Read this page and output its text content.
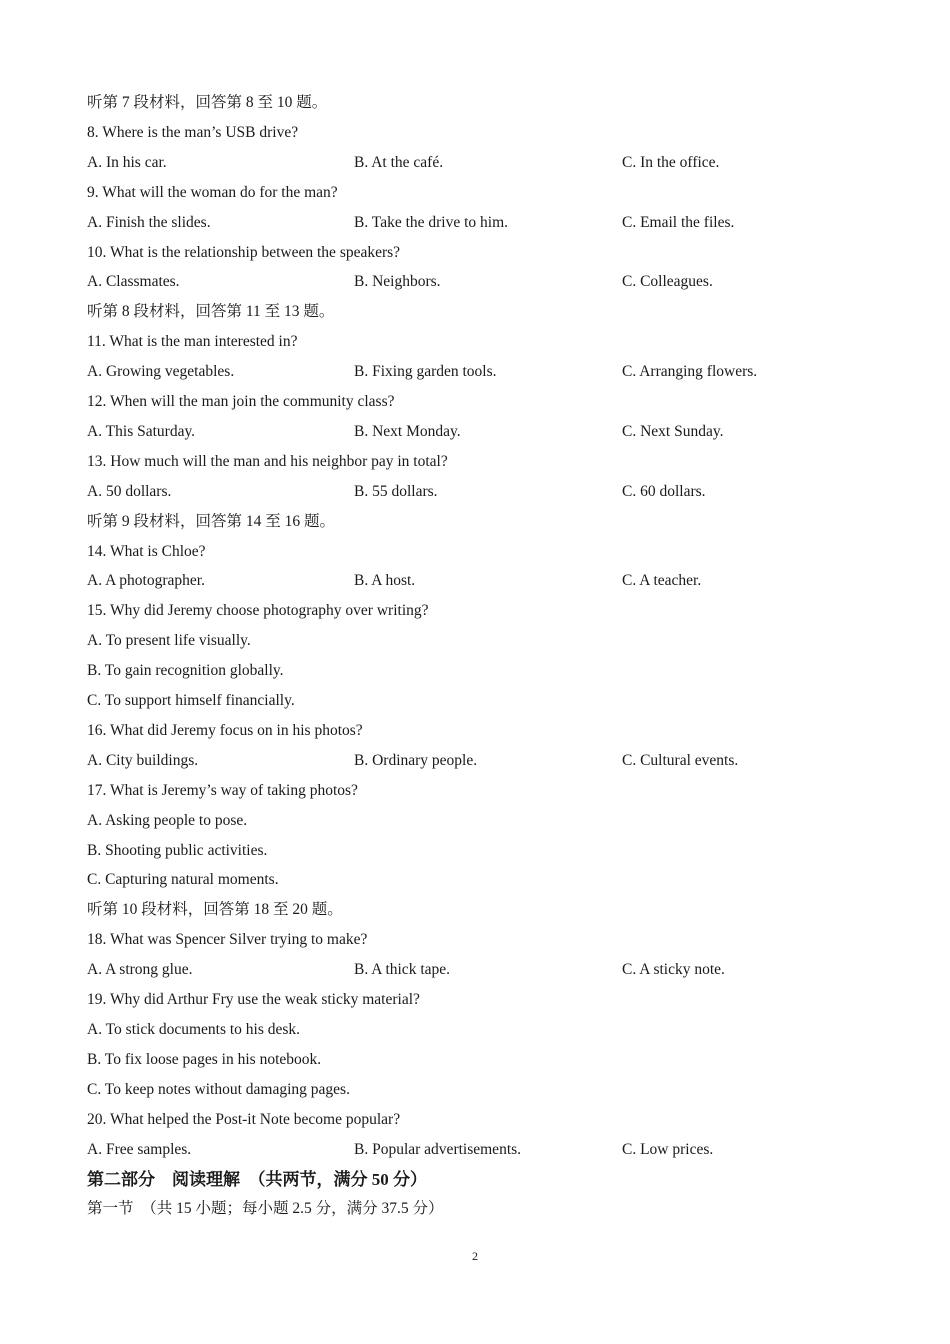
听第 7 段材料，回答第 8 至 10 题。
8. Where is the man’s USB drive?
A. In his car.	B. At the café.	C. In the office.
9. What will the woman do for the man?
A. Finish the slides.	B. Take the drive to him.	C. Email the files.
10. What is the relationship between the speakers?
A. Classmates.	B. Neighbors.	C. Colleagues.
听第 8 段材料，回答第 11 至 13 题。
11. What is the man interested in?
A. Growing vegetables.	B. Fixing garden tools.	C. Arranging flowers.
12. When will the man join the community class?
A. This Saturday.	B. Next Monday.	C. Next Sunday.
13. How much will the man and his neighbor pay in total?
A. 50 dollars.	B. 55 dollars.	C. 60 dollars.
听第 9 段材料，回答第 14 至 16 题。
14. What is Chloe?
A. A photographer.	B. A host.	C. A teacher.
15. Why did Jeremy choose photography over writing?
A. To present life visually.
B. To gain recognition globally.
C. To support himself financially.
16. What did Jeremy focus on in his photos?
A. City buildings.	B. Ordinary people.	C. Cultural events.
17. What is Jeremy’s way of taking photos?
A. Asking people to pose.
B. Shooting public activities.
C. Capturing natural moments.
听第 10 段材料，回答第 18 至 20 题。
18. What was Spencer Silver trying to make?
A. A strong glue.	B. A thick tape.	C. A sticky note.
19. Why did Arthur Fry use the weak sticky material?
A. To stick documents to his desk.
B. To fix loose pages in his notebook.
C. To keep notes without damaging pages.
20. What helped the Post-it Note become popular?
A. Free samples.	B. Popular advertisements.	C. Low prices.
第二部分　阅读理解　（共两节，满分 50 分）
第一节　（共 15 小题；每小题 2.5 分，满分 37.5 分）
2
